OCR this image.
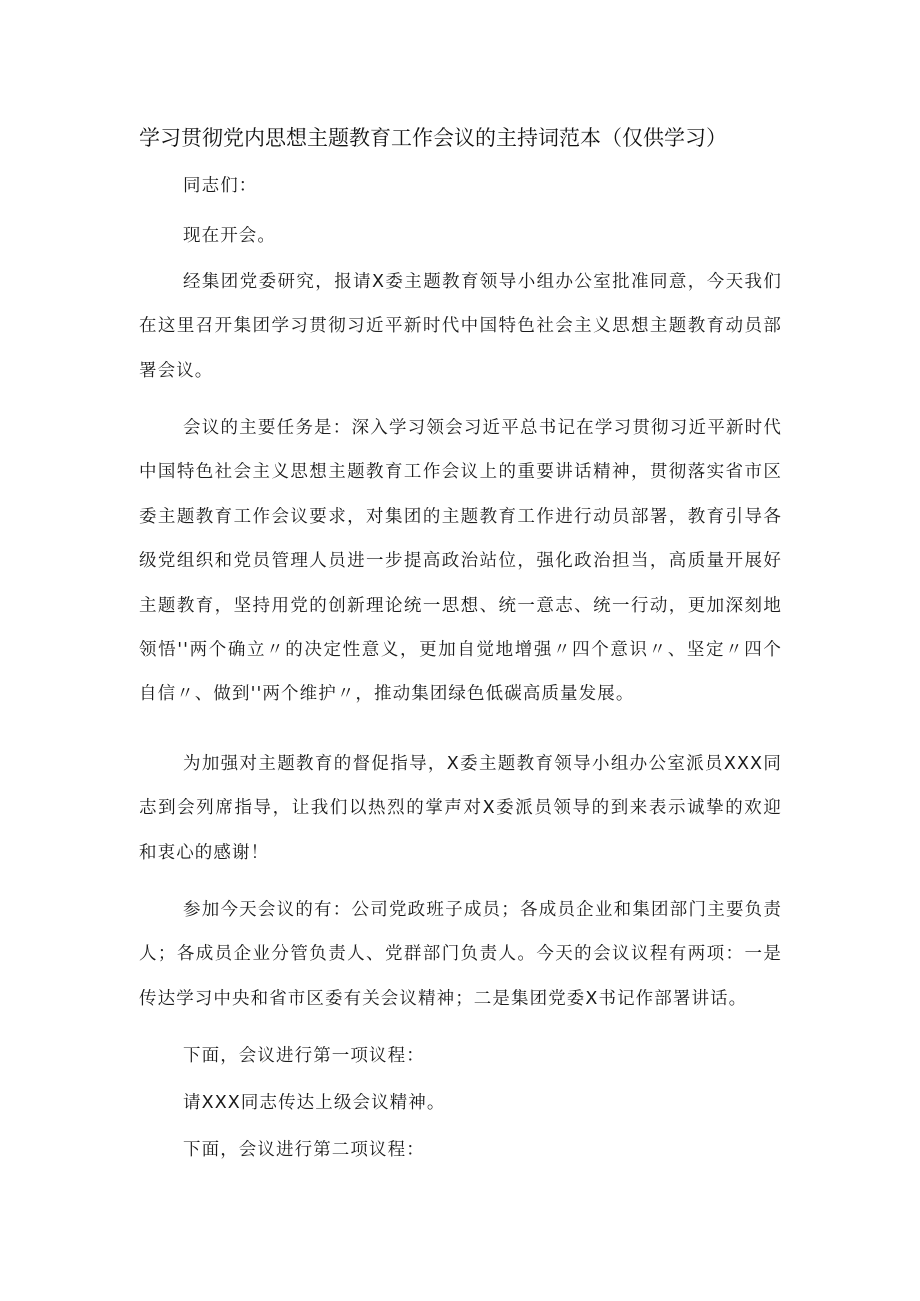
学习贯彻党内思想主题教育工作会议的主持词范本（仅供学习）

同志们：

现在开会。

经集团党委研究，报请X委主题教育领导小组办公室批准同意，今天我们在这里召开集团学习贯彻习近平新时代中国特色社会主义思想主题教育动员部署会议。

会议的主要任务是：深入学习领会习近平总书记在学习贯彻习近平新时代中国特色社会主义思想主题教育工作会议上的重要讲话精神，贯彻落实省市区委主题教育工作会议要求，对集团的主题教育工作进行动员部署，教育引导各级党组织和党员管理人员进一步提高政治站位，强化政治担当，高质量开展好主题教育，坚持用党的创新理论统一思想、统一意志、统一行动，更加深刻地领悟''两个确立〃的决定性意义，更加自觉地增强〃四个意识〃、坚定〃四个自信〃、做到''两个维护〃，推动集团绿色低碳高质量发展。

为加强对主题教育的督促指导，X委主题教育领导小组办公室派员XXX同志到会列席指导，让我们以热烈的掌声对X委派员领导的到来表示诚挚的欢迎和衷心的感谢！

参加今天会议的有：公司党政班子成员；各成员企业和集团部门主要负责人；各成员企业分管负责人、党群部门负责人。今天的会议议程有两项：一是传达学习中央和省市区委有关会议精神；二是集团党委X书记作部署讲话。

下面，会议进行第一项议程：

请XXX同志传达上级会议精神。

下面，会议进行第二项议程：
